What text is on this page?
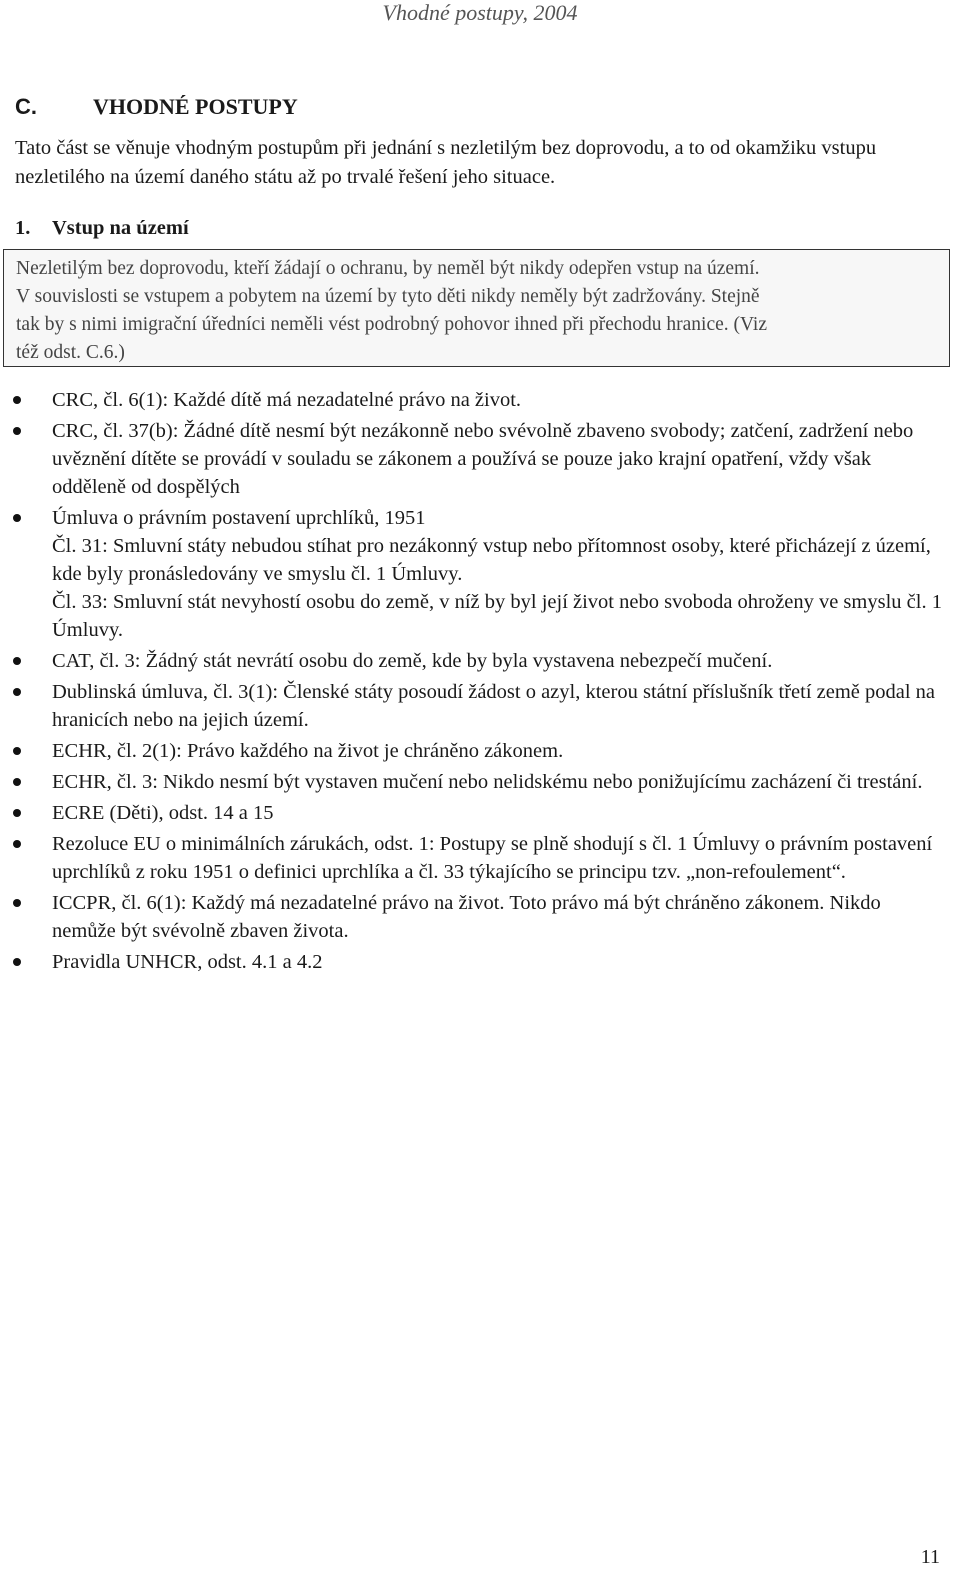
Vhodné postupy, 2004
C.	VHODNÉ POSTUPY
Tato část se věnuje vhodným postupům při jednání s nezletilým bez doprovodu, a to od okamžiku vstupu nezletilého na území daného státu až po trvalé řešení jeho situace.
1. Vstup na území
Nezletilým bez doprovodu, kteří žádají o ochranu, by neměl být nikdy odepřen vstup na území.
V souvislosti se vstupem a pobytem na území by tyto děti nikdy neměly být zadržovány. Stejně
tak by s nimi imigrační úředníci neměli vést podrobný pohovor ihned při přechodu hranice. (Viz
též odst. C.6.)
CRC, čl. 6(1): Každé dítě má nezadatelné právo na život.
CRC, čl. 37(b): Žádné dítě nesmí být nezákonně nebo svévolně zbaveno svobody; zatčení, zadržení nebo uvěznění dítěte se provádí v souladu se zákonem a používá se pouze jako krajní opatření, vždy však odděleně od dospělých
Úmluva o právním postavení uprchlíků, 1951
Čl. 31: Smluvní státy nebudou stíhat pro nezákonný vstup nebo přítomnost osoby, které přicházejí z území, kde byly pronásledovány ve smyslu čl. 1 Úmluvy.
Čl. 33: Smluvní stát nevyhostí osobu do země, v níž by byl její život nebo svoboda ohroženy ve smyslu čl. 1 Úmluvy.
CAT, čl. 3: Žádný stát nevrátí osobu do země, kde by byla vystavena nebezpečí mučení.
Dublinská úmluva, čl. 3(1): Členské státy posoudí žádost o azyl, kterou státní příslušník třetí země podal na hranicích nebo na jejich území.
ECHR, čl. 2(1): Právo každého na život je chráněno zákonem.
ECHR, čl. 3: Nikdo nesmí být vystaven mučení nebo nelidskému nebo ponižujícímu zacházení či trestání.
ECRE (Děti), odst. 14 a 15
Rezoluce EU o minimálních zárukách, odst. 1: Postupy se plně shodují s čl. 1 Úmluvy o právním postavení uprchlíků z roku 1951 o definici uprchlíka a čl. 33 týkajícího se principu tzv. „non-refoulement“.
ICCPR, čl. 6(1): Každý má nezadatelné právo na život. Toto právo má být chráněno zákonem. Nikdo nemůže být svévolně zbaven života.
Pravidla UNHCR, odst. 4.1 a 4.2
11
